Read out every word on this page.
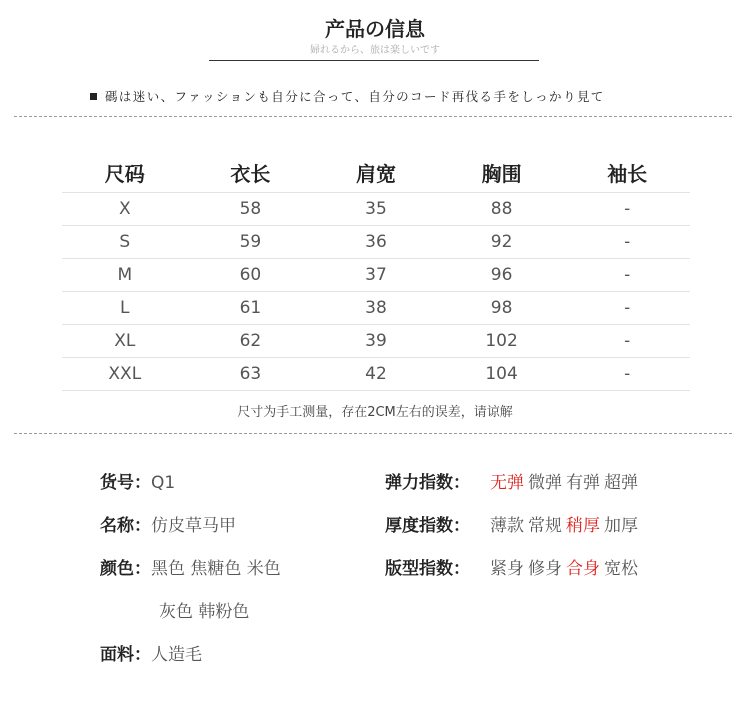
产品の信息
婦れるから、旅は楽しいです
碼は迷い、ファッションも自分に合って、自分のコード再伐る手をしっかり見て
尺码	衣长	肩宽	胸围	袖长
X	58	35	88	-
S	59	36	92	-
M	60	37	96	-
L	61	38	98	-
XL	62	39	102	-
XXL	63	42	104	-
尺寸为手工测量，存在2CM左右的误差，请谅解
货号：Q1
名称：仿皮草马甲
颜色：黑色 焦糖色 米色
灰色 韩粉色
面料：人造毛
弹力指数： 无弹 微弹 有弹 超弹
厚度指数： 薄款 常规 稍厚 加厚
版型指数： 紧身 修身 合身 宽松
